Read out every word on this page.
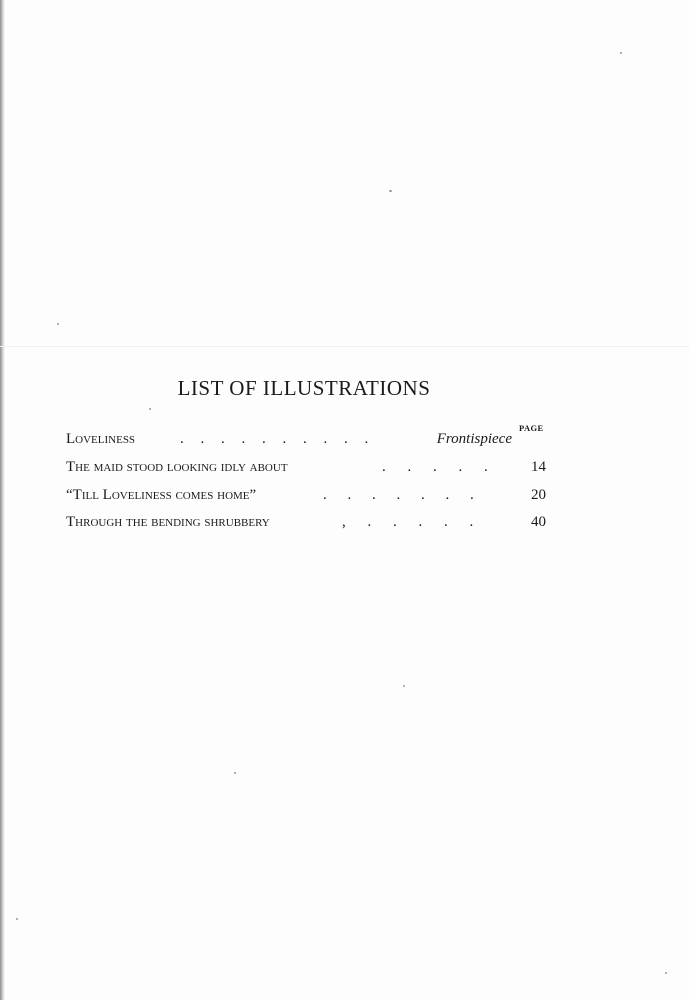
LIST OF ILLUSTRATIONS
PAGE
Loveliness	. . . . . . . . . .	Frontispiece
The maid stood looking idly about	. . . . .	14
“Till Loveliness comes home”	. . . . . . .	20
Through the bending shrubbery	, . . . . .	40
